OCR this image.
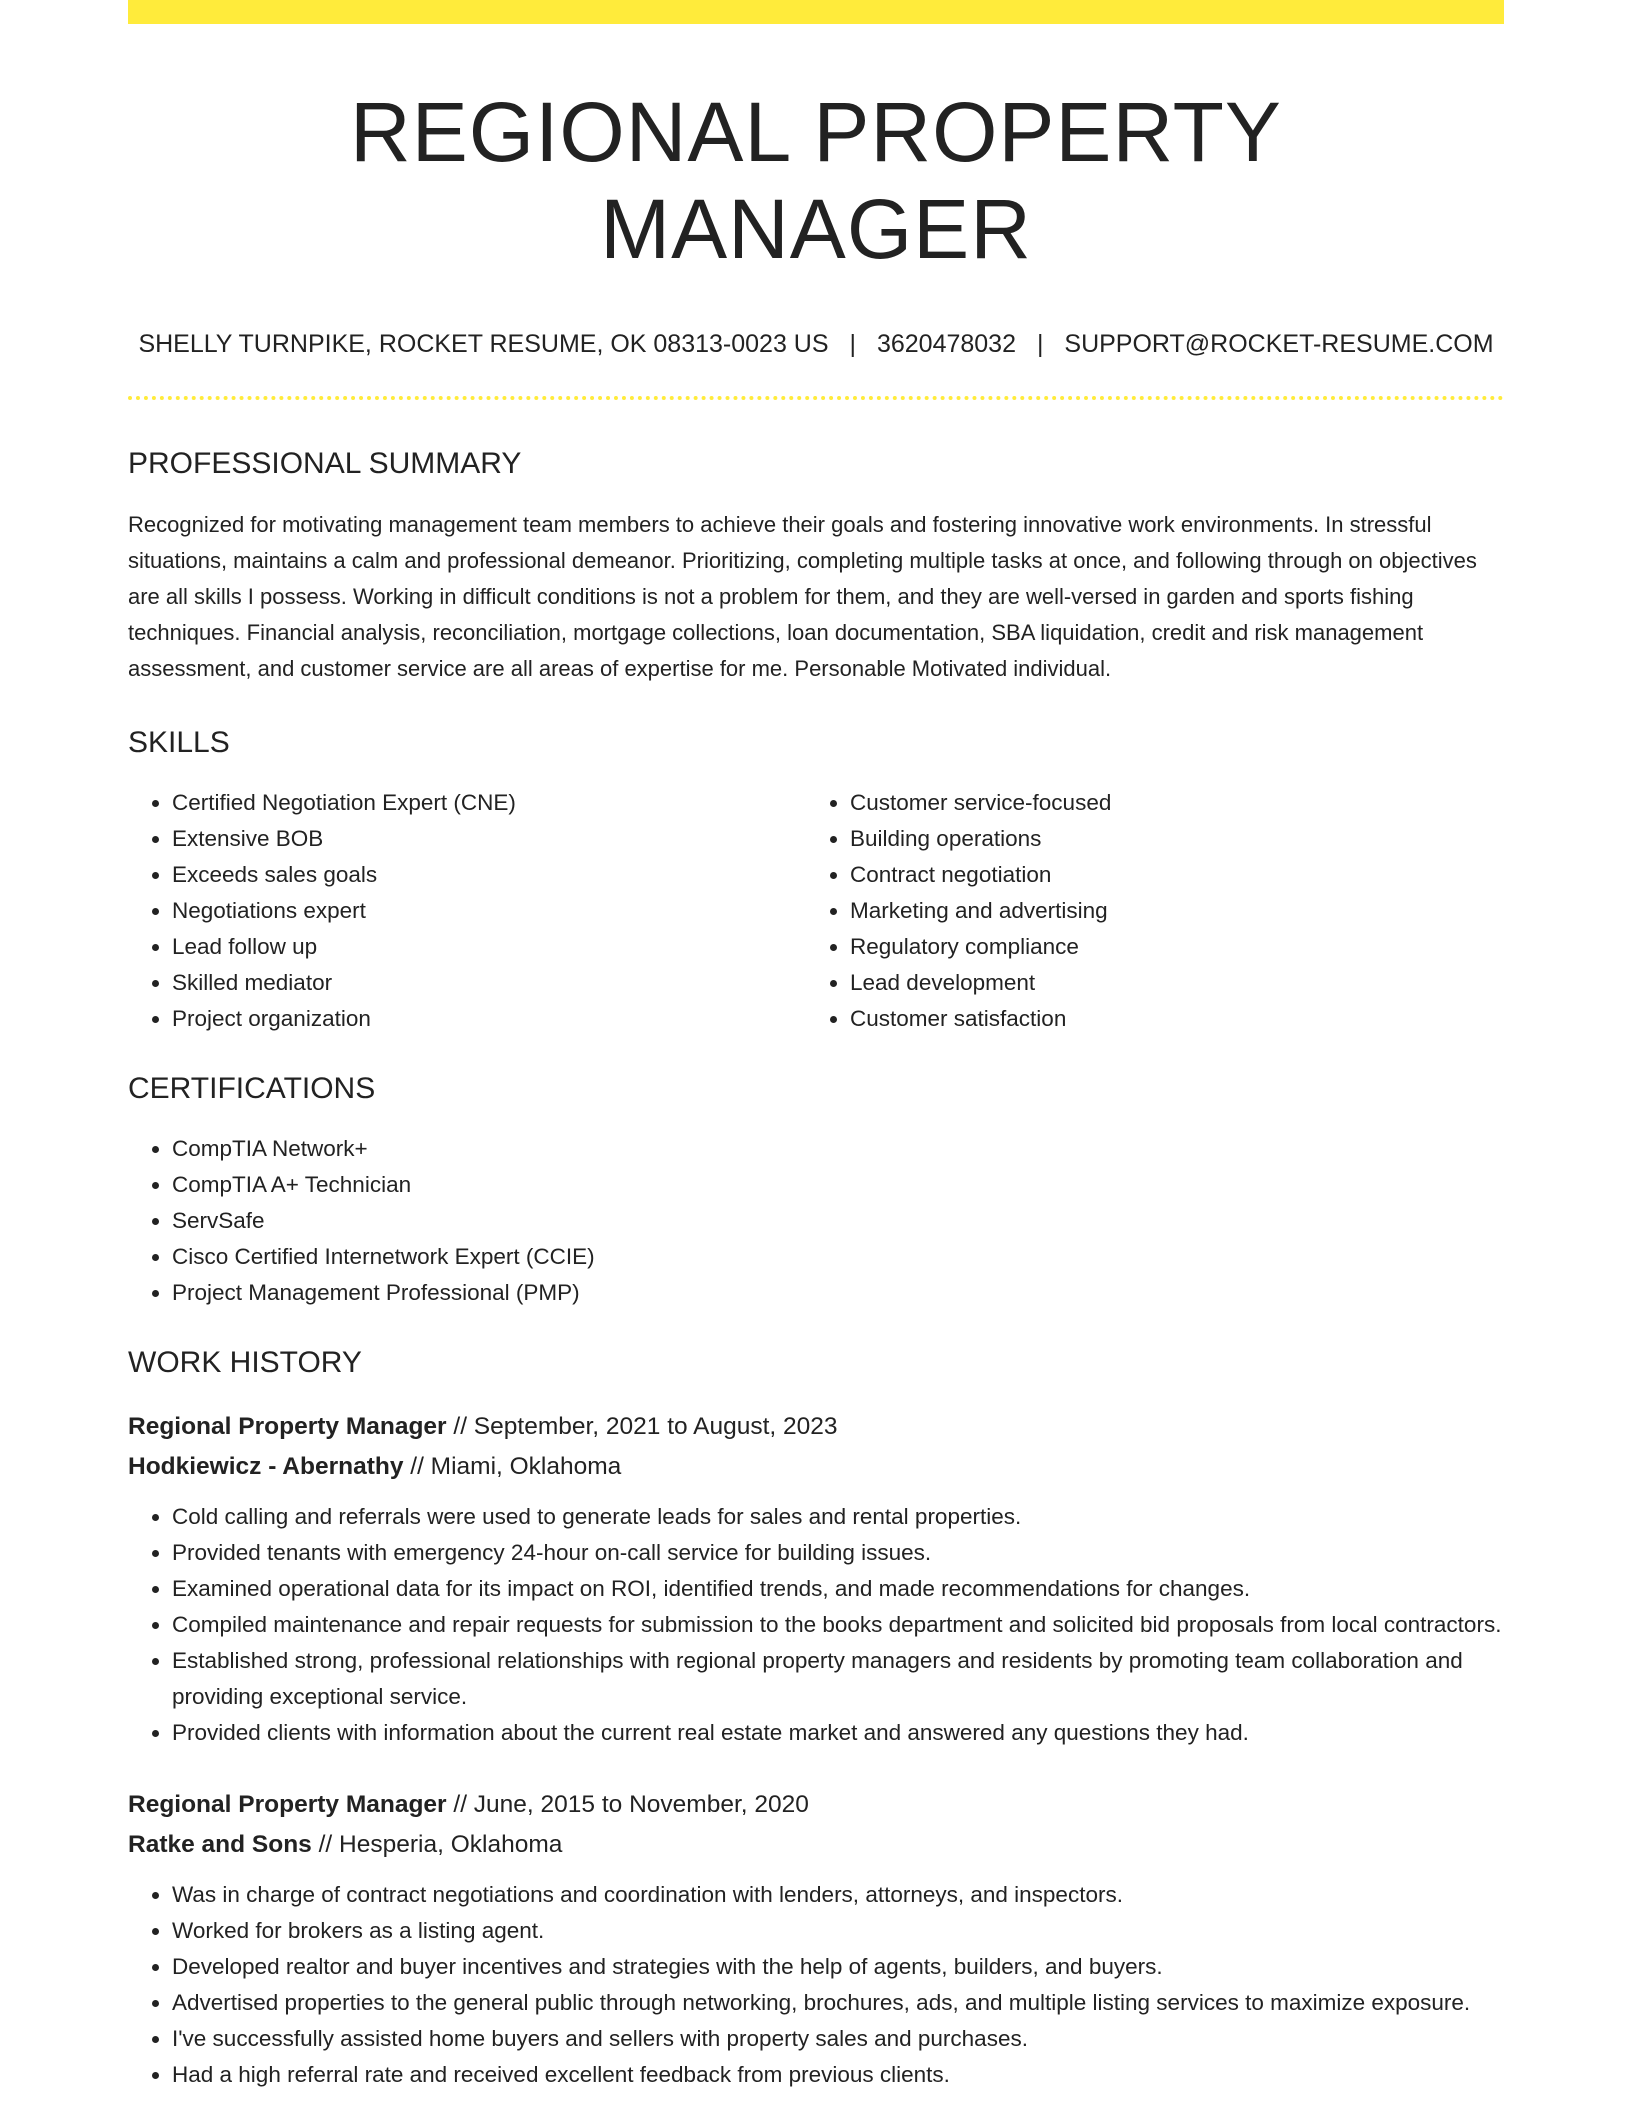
REGIONAL PROPERTY MANAGER
SHELLY TURNPIKE, ROCKET RESUME, OK 08313-0023 US | 3620478032 | SUPPORT@ROCKET-RESUME.COM
PROFESSIONAL SUMMARY

Recognized for motivating management team members to achieve their goals and fostering innovative work environments. In stressful situations, maintains a calm and professional demeanor. Prioritizing, completing multiple tasks at once, and following through on objectives are all skills I possess. Working in difficult conditions is not a problem for them, and they are well-versed in garden and sports fishing techniques. Financial analysis, reconciliation, mortgage collections, loan documentation, SBA liquidation, credit and risk management assessment, and customer service are all areas of expertise for me. Personable Motivated individual.

SKILLS
• Certified Negotiation Expert (CNE)
• Extensive BOB
• Exceeds sales goals
• Negotiations expert
• Lead follow up
• Skilled mediator
• Project organization
• Customer service-focused
• Building operations
• Contract negotiation
• Marketing and advertising
• Regulatory compliance
• Lead development
• Customer satisfaction
CERTIFICATIONS
• CompTIA Network+
• CompTIA A+ Technician
• ServSafe
• Cisco Certified Internetwork Expert (CCIE)
• Project Management Professional (PMP)
WORK HISTORY
Regional Property Manager // September, 2021 to August, 2023
Hodkiewicz - Abernathy // Miami, Oklahoma
• Cold calling and referrals were used to generate leads for sales and rental properties.
• Provided tenants with emergency 24-hour on-call service for building issues.
• Examined operational data for its impact on ROI, identified trends, and made recommendations for changes.
• Compiled maintenance and repair requests for submission to the books department and solicited bid proposals from local contractors.
• Established strong, professional relationships with regional property managers and residents by promoting team collaboration and providing exceptional service.
• Provided clients with information about the current real estate market and answered any questions they had.
Regional Property Manager // June, 2015 to November, 2020
Ratke and Sons // Hesperia, Oklahoma
• Was in charge of contract negotiations and coordination with lenders, attorneys, and inspectors.
• Worked for brokers as a listing agent.
• Developed realtor and buyer incentives and strategies with the help of agents, builders, and buyers.
• Advertised properties to the general public through networking, brochures, ads, and multiple listing services to maximize exposure.
• I've successfully assisted home buyers and sellers with property sales and purchases.
• Had a high referral rate and received excellent feedback from previous clients.
